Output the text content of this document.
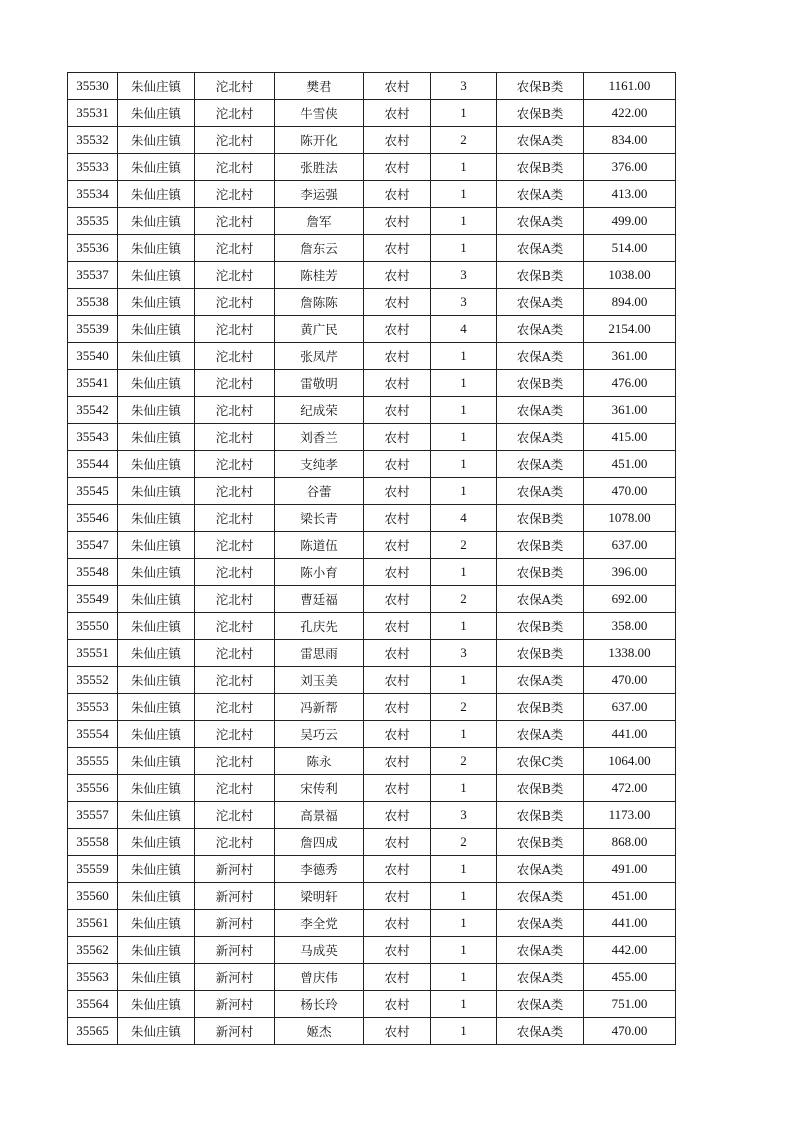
35530	朱仙庄镇	沱北村	樊君	农村	3	农保B类	1161.00
35531	朱仙庄镇	沱北村	牛雪侠	农村	1	农保B类	422.00
35532	朱仙庄镇	沱北村	陈开化	农村	2	农保A类	834.00
35533	朱仙庄镇	沱北村	张胜法	农村	1	农保B类	376.00
35534	朱仙庄镇	沱北村	李运强	农村	1	农保A类	413.00
35535	朱仙庄镇	沱北村	詹军	农村	1	农保A类	499.00
35536	朱仙庄镇	沱北村	詹东云	农村	1	农保A类	514.00
35537	朱仙庄镇	沱北村	陈桂芳	农村	3	农保B类	1038.00
35538	朱仙庄镇	沱北村	詹陈陈	农村	3	农保A类	894.00
35539	朱仙庄镇	沱北村	黄广民	农村	4	农保A类	2154.00
35540	朱仙庄镇	沱北村	张凤芹	农村	1	农保A类	361.00
35541	朱仙庄镇	沱北村	雷敬明	农村	1	农保B类	476.00
35542	朱仙庄镇	沱北村	纪成荣	农村	1	农保A类	361.00
35543	朱仙庄镇	沱北村	刘香兰	农村	1	农保A类	415.00
35544	朱仙庄镇	沱北村	支纯孝	农村	1	农保A类	451.00
35545	朱仙庄镇	沱北村	谷蕾	农村	1	农保A类	470.00
35546	朱仙庄镇	沱北村	梁长青	农村	4	农保B类	1078.00
35547	朱仙庄镇	沱北村	陈道伍	农村	2	农保B类	637.00
35548	朱仙庄镇	沱北村	陈小育	农村	1	农保B类	396.00
35549	朱仙庄镇	沱北村	曹廷福	农村	2	农保A类	692.00
35550	朱仙庄镇	沱北村	孔庆先	农村	1	农保B类	358.00
35551	朱仙庄镇	沱北村	雷思雨	农村	3	农保B类	1338.00
35552	朱仙庄镇	沱北村	刘玉美	农村	1	农保A类	470.00
35553	朱仙庄镇	沱北村	冯新帮	农村	2	农保B类	637.00
35554	朱仙庄镇	沱北村	吴巧云	农村	1	农保A类	441.00
35555	朱仙庄镇	沱北村	陈永	农村	2	农保C类	1064.00
35556	朱仙庄镇	沱北村	宋传利	农村	1	农保B类	472.00
35557	朱仙庄镇	沱北村	高景福	农村	3	农保B类	1173.00
35558	朱仙庄镇	沱北村	詹四成	农村	2	农保B类	868.00
35559	朱仙庄镇	新河村	李德秀	农村	1	农保A类	491.00
35560	朱仙庄镇	新河村	梁明轩	农村	1	农保A类	451.00
35561	朱仙庄镇	新河村	李全党	农村	1	农保A类	441.00
35562	朱仙庄镇	新河村	马成英	农村	1	农保A类	442.00
35563	朱仙庄镇	新河村	曾庆伟	农村	1	农保A类	455.00
35564	朱仙庄镇	新河村	杨长玲	农村	1	农保A类	751.00
35565	朱仙庄镇	新河村	姬杰	农村	1	农保A类	470.00
